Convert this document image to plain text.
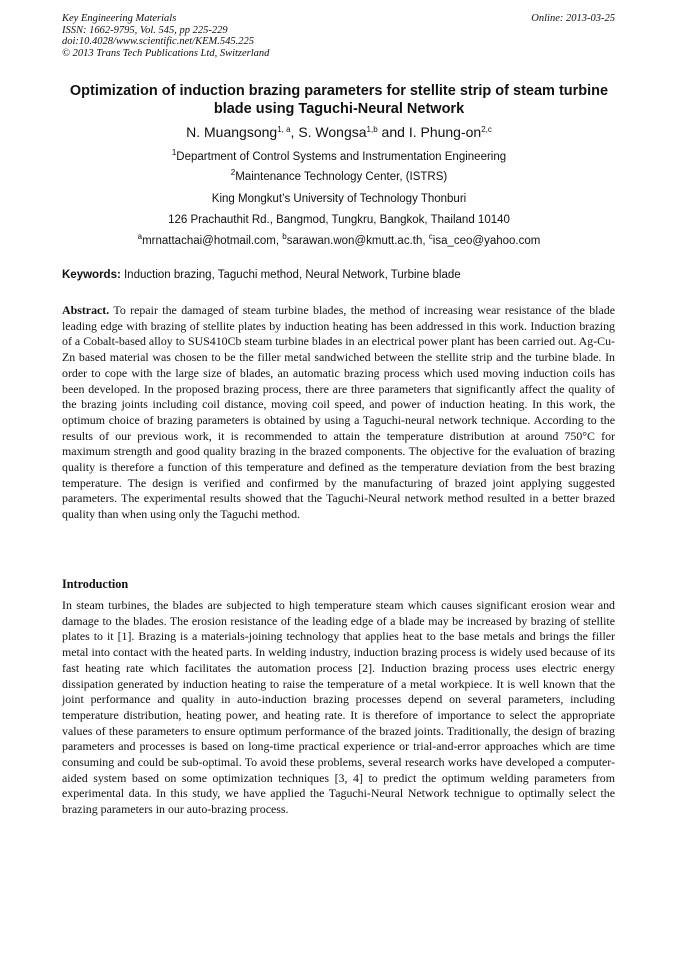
Key Engineering Materials
ISSN: 1662-9795, Vol. 545, pp 225-229
doi:10.4028/www.scientific.net/KEM.545.225
© 2013 Trans Tech Publications Ltd, Switzerland
Online: 2013-03-25
Optimization of induction brazing parameters for stellite strip of steam turbine blade using Taguchi-Neural Network
N. Muangsong$^{1, a}$, S. Wongsa$^{1,b}$ and I. Phung-on$^{2,c}$
$^1$Department of Control Systems and Instrumentation Engineering
$^2$Maintenance Technology Center, (ISTRS)
King Mongkut’s University of Technology Thonburi
126 Prachauthit Rd., Bangmod, Tungkru, Bangkok, Thailand 10140
$^a$mrnattachai@hotmail.com, $^b$sarawan.won@kmutt.ac.th, $^c$isa_ceo@yahoo.com
Keywords: Induction brazing, Taguchi method, Neural Network, Turbine blade
Abstract. To repair the damaged of steam turbine blades, the method of increasing wear resistance of the blade leading edge with brazing of stellite plates by induction heating has been addressed in this work. Induction brazing of a Cobalt-based alloy to SUS410Cb steam turbine blades in an electrical power plant has been carried out. Ag-Cu-Zn based material was chosen to be the filler metal sandwiched between the stellite strip and the turbine blade. In order to cope with the large size of blades, an automatic brazing process which used moving induction coils has been developed. In the proposed brazing process, there are three parameters that significantly affect the quality of the brazing joints including coil distance, moving coil speed, and power of induction heating. In this work, the optimum choice of brazing parameters is obtained by using a Taguchi-neural network technique. According to the results of our previous work, it is recommended to attain the temperature distribution at around 750°C for maximum strength and good quality brazing in the brazed components. The objective for the evaluation of brazing quality is therefore a function of this temperature and defined as the temperature deviation from the best brazing temperature. The design is verified and confirmed by the manufacturing of brazed joint applying suggested parameters. The experimental results showed that the Taguchi-Neural network method resulted in a better brazed quality than when using only the Taguchi method.
Introduction
In steam turbines, the blades are subjected to high temperature steam which causes significant erosion wear and damage to the blades. The erosion resistance of the leading edge of a blade may be increased by brazing of stellite plates to it [1]. Brazing is a materials-joining technology that applies heat to the base metals and brings the filler metal into contact with the heated parts. In welding industry, induction brazing process is widely used because of its fast heating rate which facilitates the automation process [2]. Induction brazing process uses electric energy dissipation generated by induction heating to raise the temperature of a metal workpiece. It is well known that the joint performance and quality in auto-induction brazing processes depend on several parameters, including temperature distribution, heating power, and heating rate. It is therefore of importance to select the appropriate values of these parameters to ensure optimum performance of the brazed joints. Traditionally, the design of brazing parameters and processes is based on long-time practical experience or trial-and-error approaches which are time consuming and could be sub-optimal. To avoid these problems, several research works have developed a computer-aided system based on some optimization techniques [3, 4] to predict the optimum welding parameters from experimental data. In this study, we have applied the Taguchi-Neural Network technigue to optimally select the brazing parameters in our auto-brazing process.
